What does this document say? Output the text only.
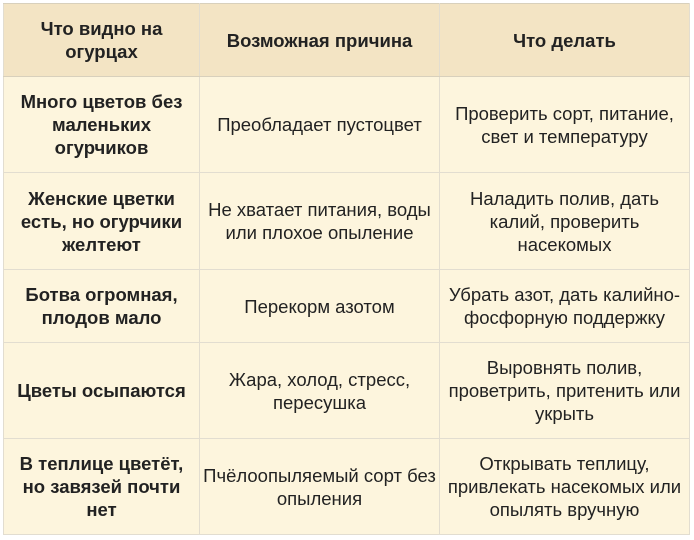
Что видно на огурцах	Возможная причина	Что делать
Много цветов без маленьких огурчиков	Преобладает пустоцвет	Проверить сорт, питание, свет и температуру
Женские цветки есть, но огурчики желтеют	Не хватает питания, воды или плохое опыление	Наладить полив, дать калий, проверить насекомых
Ботва огромная, плодов мало	Перекорм азотом	Убрать азот, дать калийно-фосфорную поддержку
Цветы осыпаются	Жара, холод, стресс, пересушка	Выровнять полив, проветрить, притенить или укрыть
В теплице цветёт, но завязей почти нет	Пчёлоопыляемый сорт без опыления	Открывать теплицу, привлекать насекомых или опылять вручную
